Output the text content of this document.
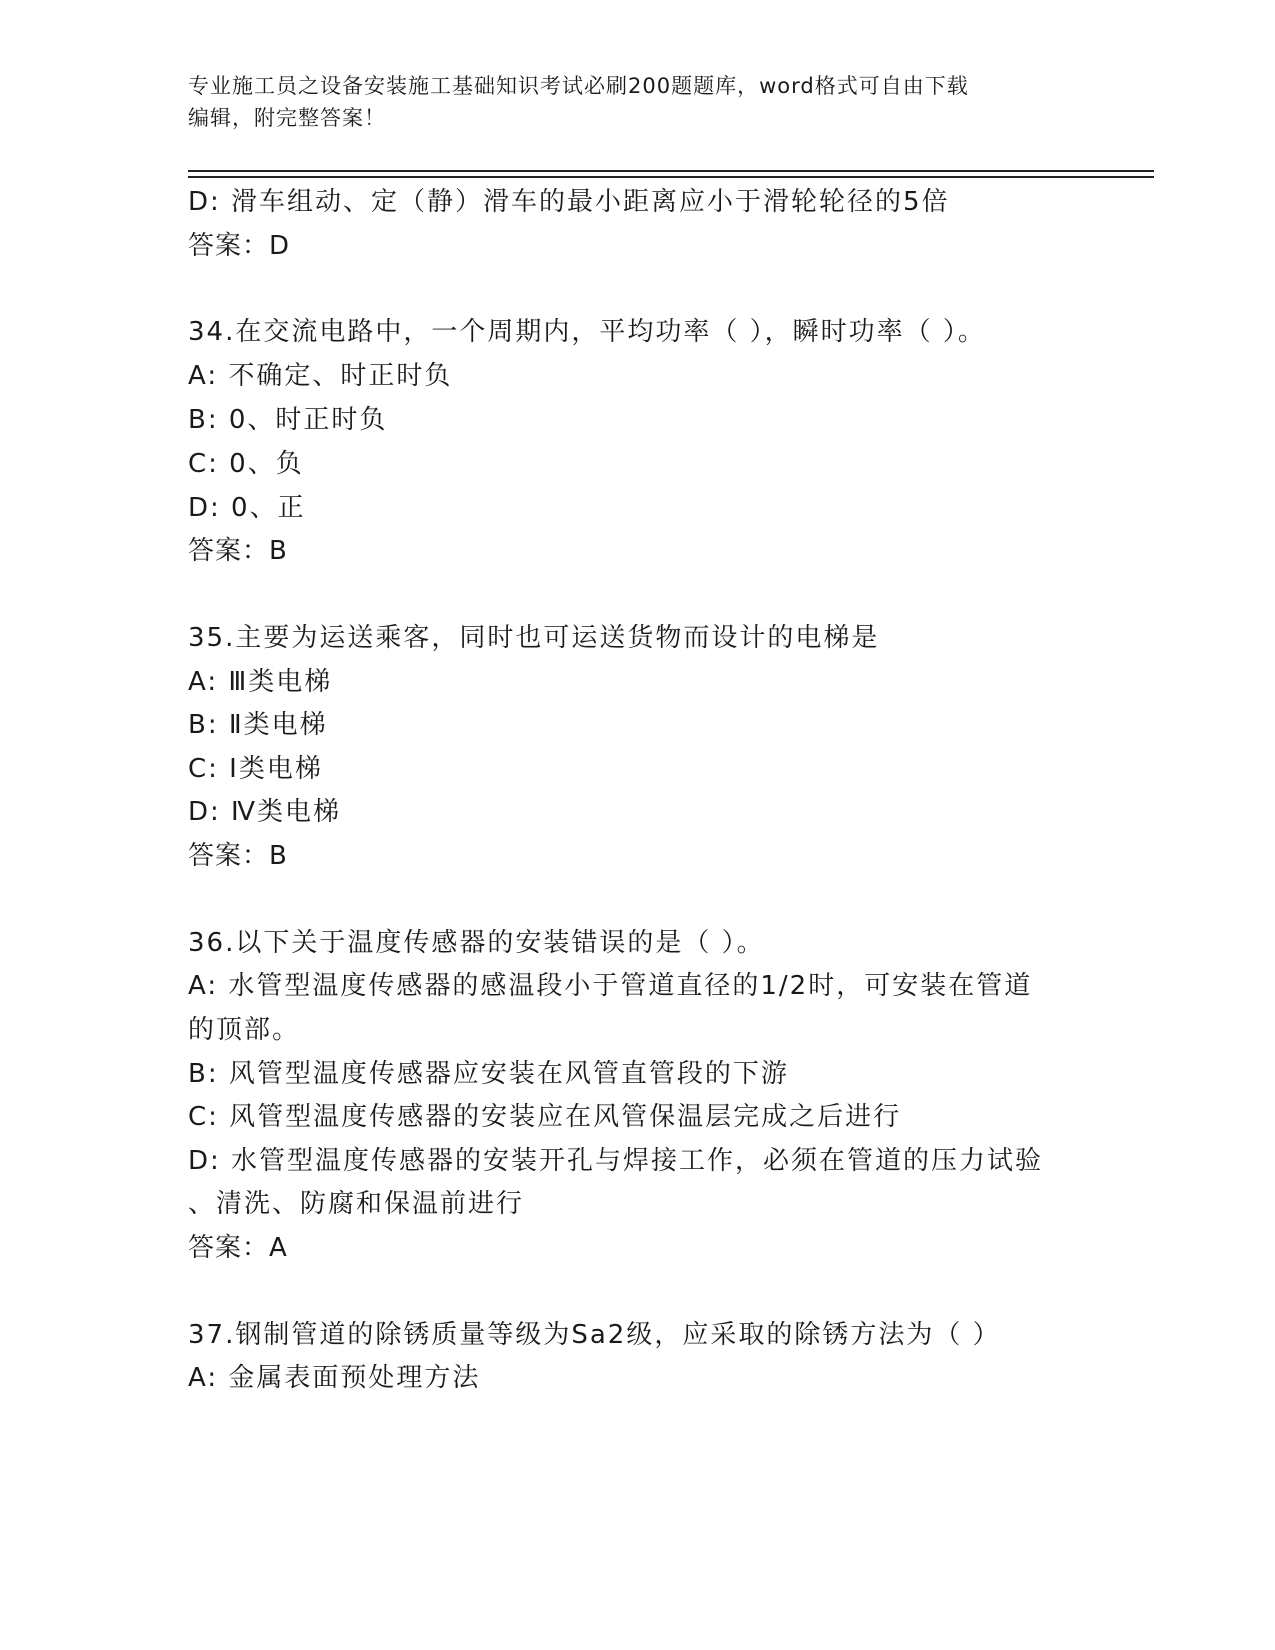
专业施工员之设备安装施工基础知识考试必刷200题题库，word格式可自由下载
编辑，附完整答案！
D: 滑车组动、定（静）滑车的最小距离应小于滑轮轮径的5倍
答案：D
34.在交流电路中，一个周期内，平均功率（ ），瞬时功率（ ）。
A: 不确定、时正时负
B: 0、时正时负
C: 0、负
D: 0、正
答案：B
35.主要为运送乘客，同时也可运送货物而设计的电梯是
A: Ⅲ类电梯
B: Ⅱ类电梯
C: Ⅰ类电梯
D: Ⅳ类电梯
答案：B
36.以下关于温度传感器的安装错误的是（ ）。
A: 水管型温度传感器的感温段小于管道直径的1/2时，可安装在管道
的顶部。
B: 风管型温度传感器应安装在风管直管段的下游
C: 风管型温度传感器的安装应在风管保温层完成之后进行
D: 水管型温度传感器的安装开孔与焊接工作，必须在管道的压力试验
、清洗、防腐和保温前进行
答案：A
37.钢制管道的除锈质量等级为Sa2级，应采取的除锈方法为（ ）
A: 金属表面预处理方法
